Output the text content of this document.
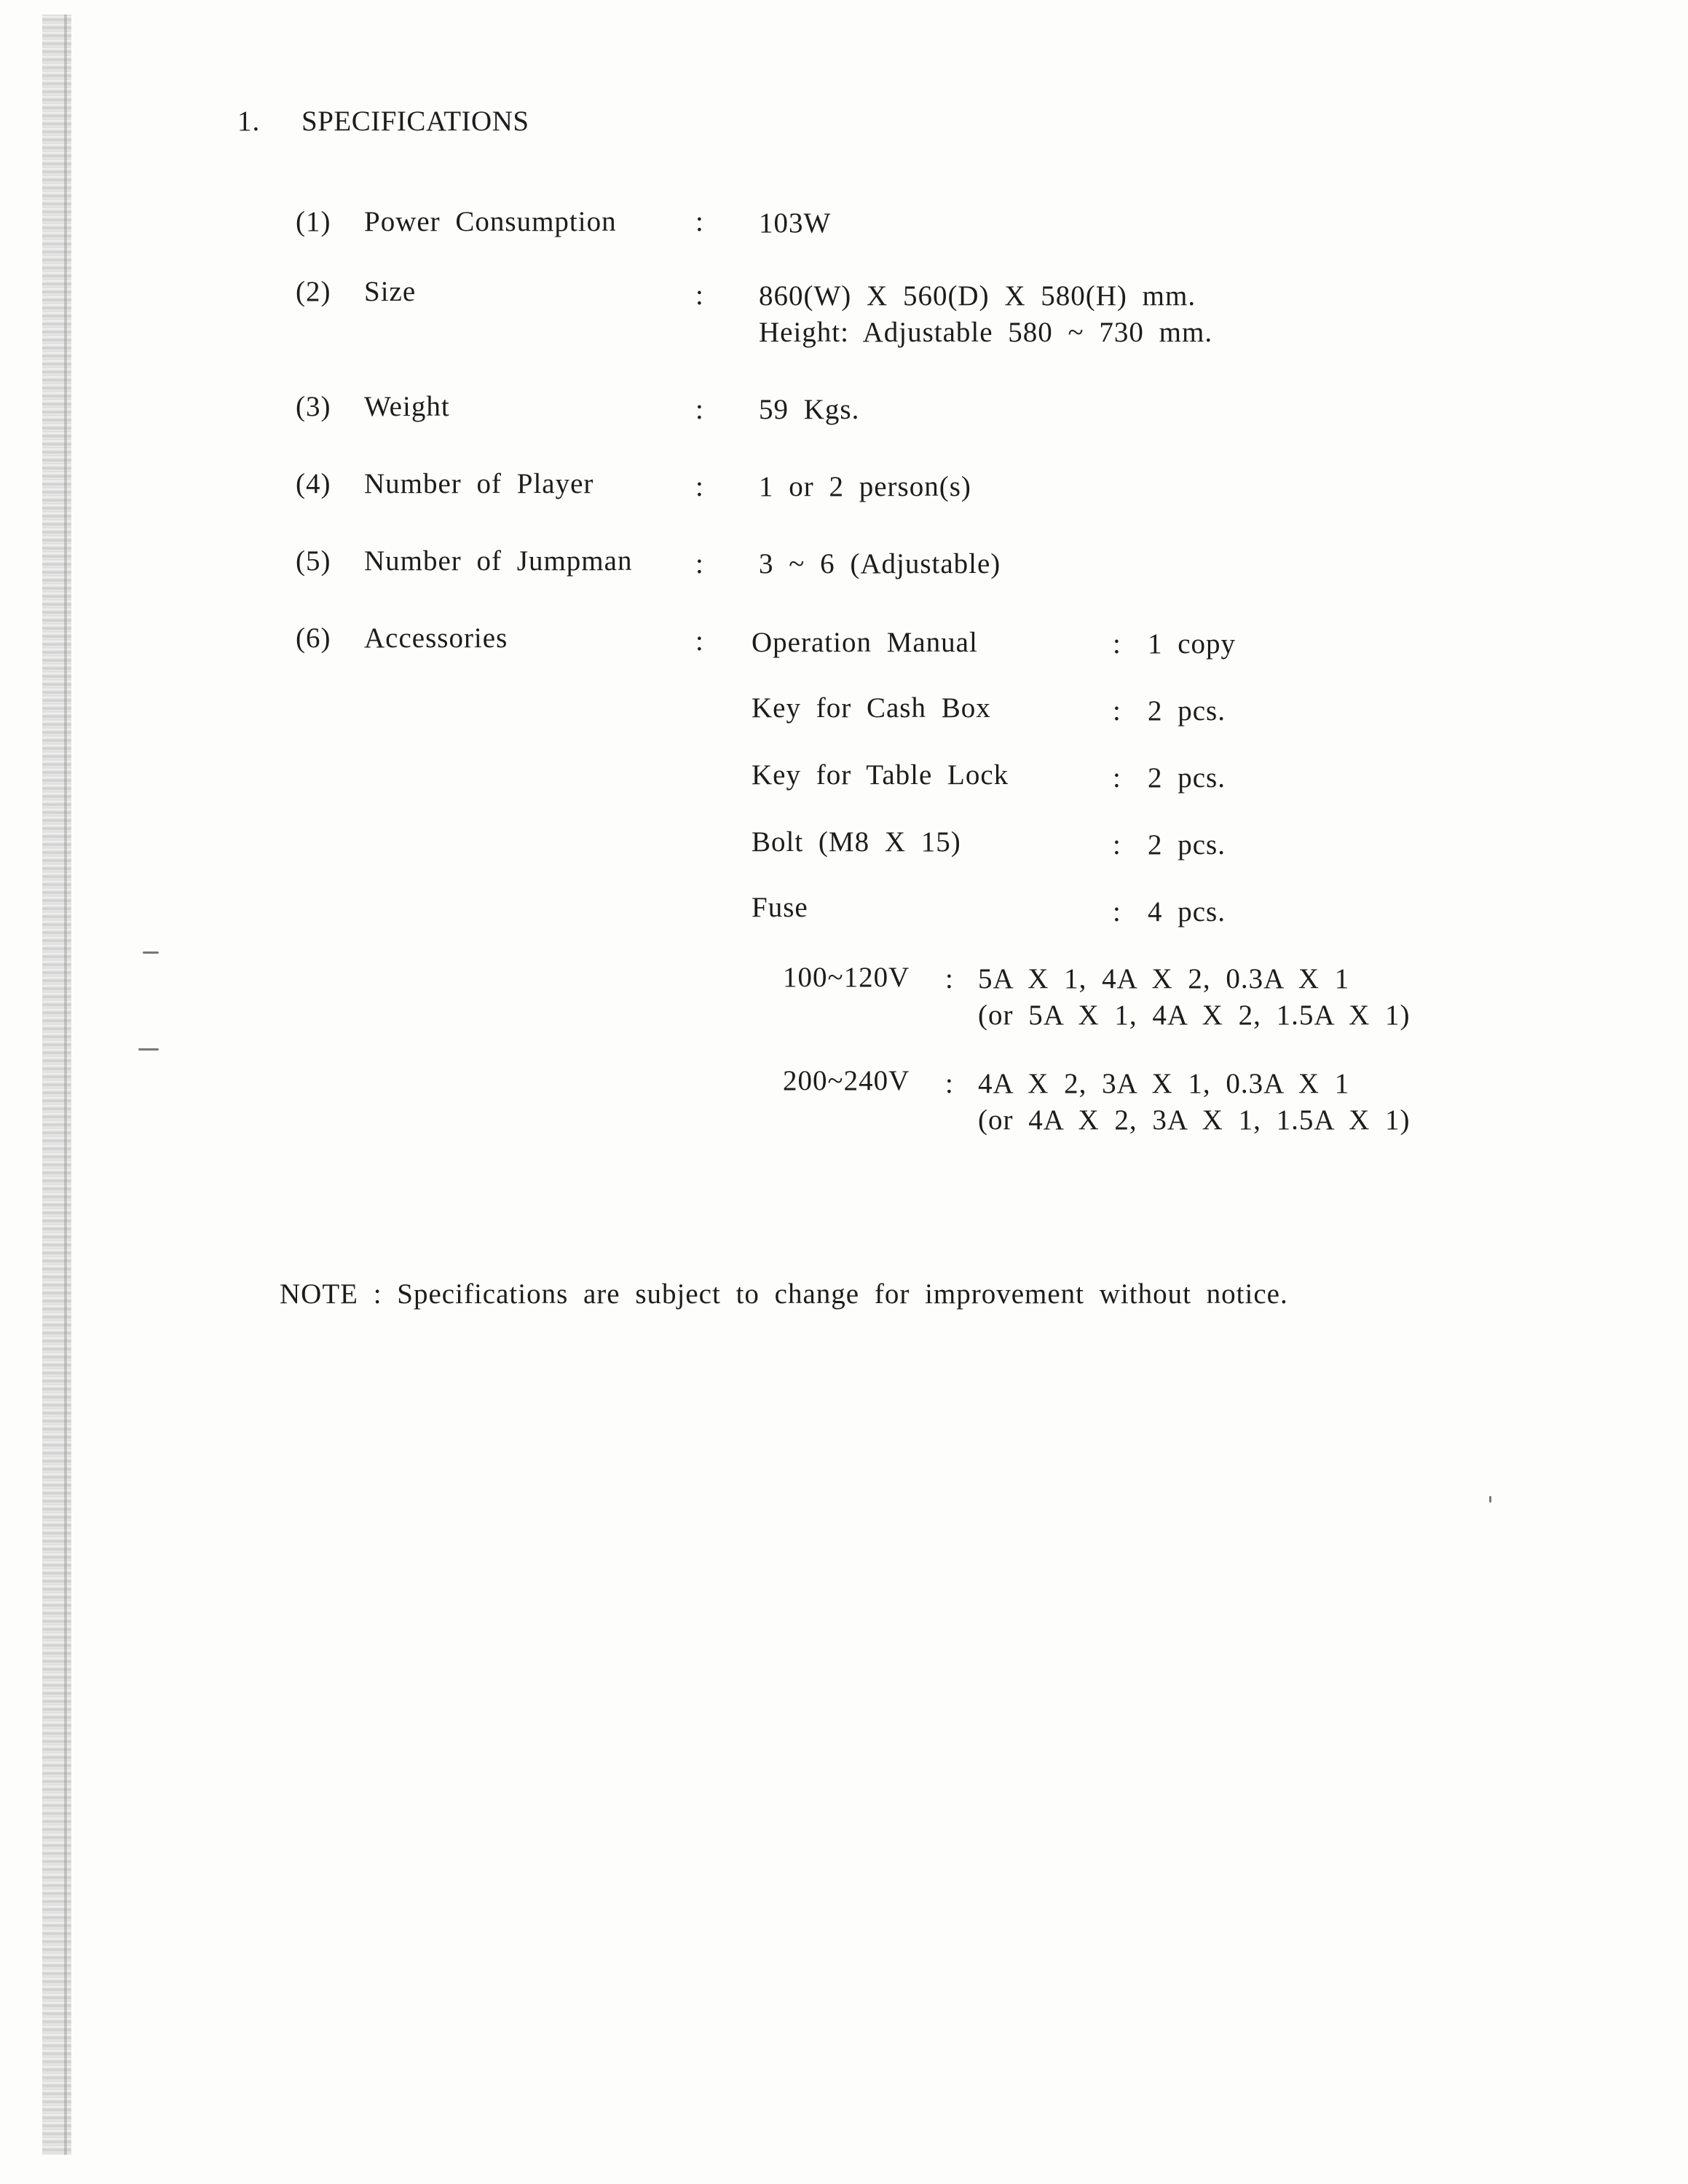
1. SPECIFICATIONS
(1) Power Consumption	: 103W
(2) Size	: 860(W) X 560(D) X 580(H) mm.
Height: Adjustable 580 ~ 730 mm.
(3) Weight	: 59 Kgs.
(4) Number of Player	: 1 or 2 person(s)
(5) Number of Jumpman : 3 ~ 6 (Adjustable)
(6) Accessories	: Operation Manual	: 1 copy
Key for Cash Box	: 2 pcs.
Key for Table Lock	: 2 pcs.
Bolt (M8 X 15)	: 2 pcs.
Fuse	: 4 pcs.
100~120V : 5A X 1, 4A X 2, 0.3A X 1
(or 5A X 1, 4A X 2, 1.5A X 1)
200~240V : 4A X 2, 3A X 1, 0.3A X 1
(or 4A X 2, 3A X 1, 1.5A X 1)
NOTE : Specifications are subject to change for improvement without notice.
